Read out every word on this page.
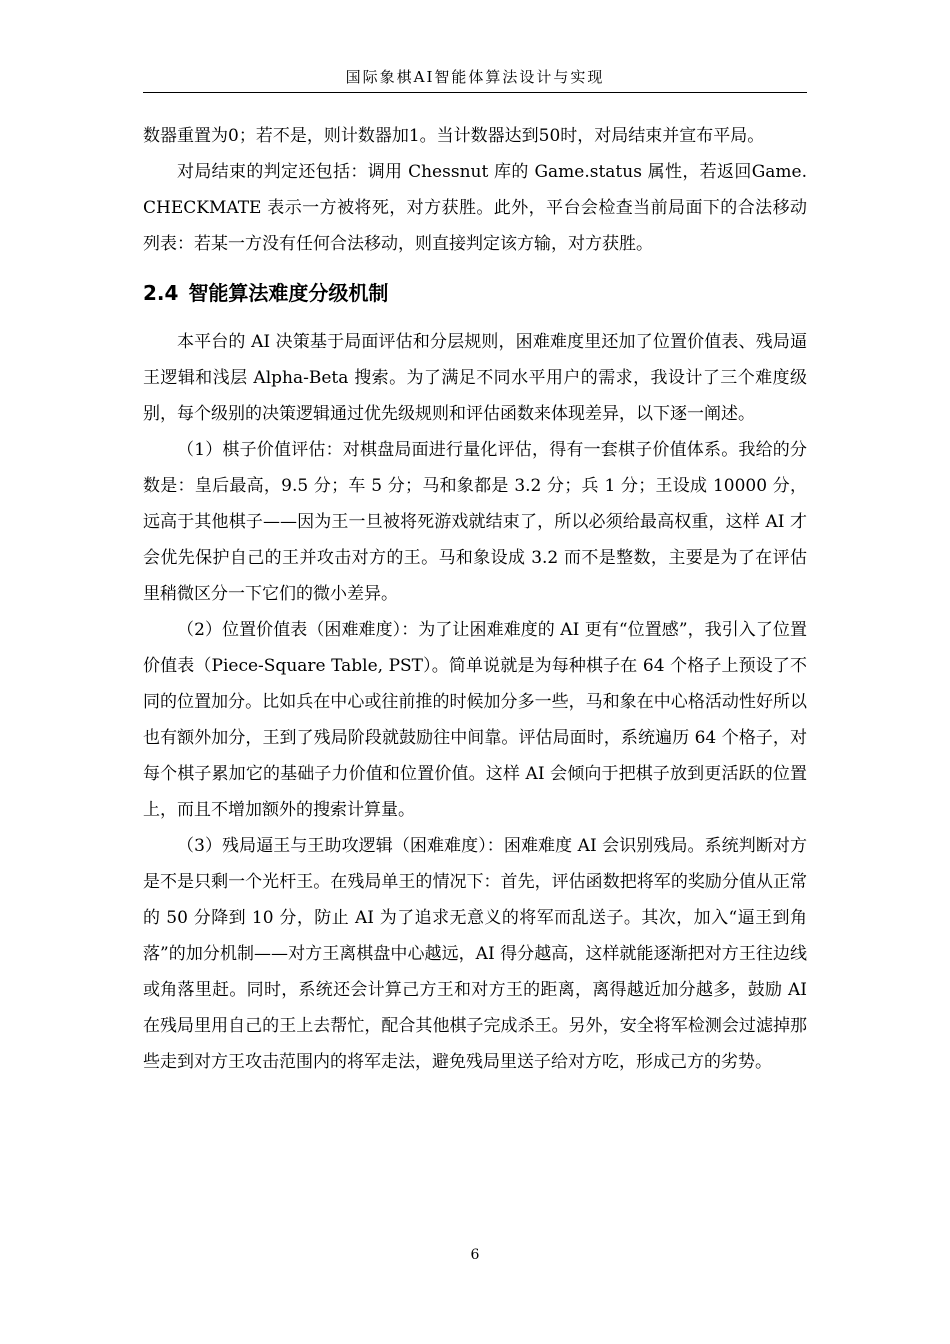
国际象棋AI智能体算法设计与实现

数器重置为0；若不是，则计数器加1。当计数器达到50时，对局结束并宣布平局。

对局结束的判定还包括：调用 Chessnut 库的 Game.status 属性，若返回Game.CHECKMATE 表示一方被将死，对方获胜。此外，平台会检查当前局面下的合法移动列表：若某一方没有任何合法移动，则直接判定该方输，对方获胜。

2.4 智能算法难度分级机制

本平台的 AI 决策基于局面评估和分层规则，困难难度里还加了位置价值表、残局逼王逻辑和浅层 Alpha-Beta 搜索。为了满足不同水平用户的需求，我设计了三个难度级别，每个级别的决策逻辑通过优先级规则和评估函数来体现差异，以下逐一阐述。

（1）棋子价值评估：对棋盘局面进行量化评估，得有一套棋子价值体系。我给的分数是：皇后最高，9.5 分；车 5 分；马和象都是 3.2 分；兵 1 分；王设成 10000 分，远高于其他棋子——因为王一旦被将死游戏就结束了，所以必须给最高权重，这样 AI 才会优先保护自己的王并攻击对方的王。马和象设成 3.2 而不是整数，主要是为了在评估里稍微区分一下它们的微小差异。

（2）位置价值表（困难难度）：为了让困难难度的 AI 更有“位置感”，我引入了位置价值表（Piece-Square Table, PST）。简单说就是为每种棋子在 64 个格子上预设了不同的位置加分。比如兵在中心或往前推的时候加分多一些，马和象在中心格活动性好所以也有额外加分，王到了残局阶段就鼓励往中间靠。评估局面时，系统遍历 64 个格子，对每个棋子累加它的基础子力价值和位置价值。这样 AI 会倾向于把棋子放到更活跃的位置上，而且不增加额外的搜索计算量。

（3）残局逼王与王助攻逻辑（困难难度）：困难难度 AI 会识别残局。系统判断对方是不是只剩一个光杆王。在残局单王的情况下：首先，评估函数把将军的奖励分值从正常的 50 分降到 10 分，防止 AI 为了追求无意义的将军而乱送子。其次，加入“逼王到角落”的加分机制——对方王离棋盘中心越远，AI 得分越高，这样就能逐渐把对方王往边线或角落里赶。同时，系统还会计算己方王和对方王的距离，离得越近加分越多，鼓励 AI 在残局里用自己的王上去帮忙，配合其他棋子完成杀王。另外，安全将军检测会过滤掉那些走到对方王攻击范围内的将军走法，避免残局里送子给对方吃，形成己方的劣势。

6
